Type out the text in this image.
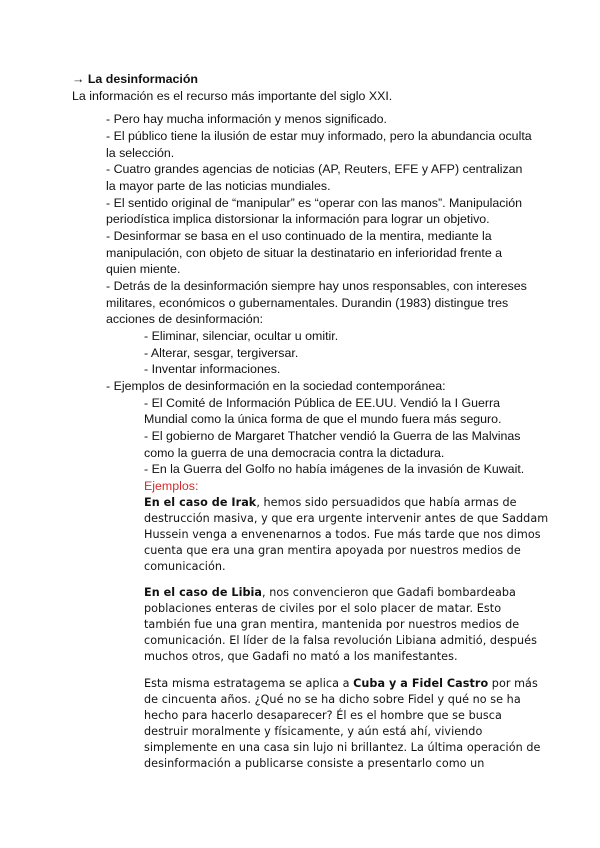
→ La desinformación
La información es el recurso más importante del siglo XXI.
- Pero hay mucha información y menos significado.
- El público tiene la ilusión de estar muy informado, pero la abundancia oculta
la selección.
- Cuatro grandes agencias de noticias (AP, Reuters, EFE y AFP) centralizan
la mayor parte de las noticias mundiales.
- El sentido original de “manipular” es “operar con las manos”. Manipulación
periodística implica distorsionar la información para lograr un objetivo.
- Desinformar se basa en el uso continuado de la mentira, mediante la
manipulación, con objeto de situar la destinatario en inferioridad frente a
quien miente.
- Detrás de la desinformación siempre hay unos responsables, con intereses
militares, económicos o gubernamentales. Durandin (1983) distingue tres
acciones de desinformación:
- Eliminar, silenciar, ocultar u omitir.
- Alterar, sesgar, tergiversar.
- Inventar informaciones.
- Ejemplos de desinformación en la sociedad contemporánea:
- El Comité de Información Pública de EE.UU. Vendió la I Guerra
Mundial como la única forma de que el mundo fuera más seguro.
- El gobierno de Margaret Thatcher vendió la Guerra de las Malvinas
como la guerra de una democracia contra la dictadura.
- En la Guerra del Golfo no había imágenes de la invasión de Kuwait.
Ejemplos:
En el caso de Irak, hemos sido persuadidos que había armas de
destrucción masiva, y que era urgente intervenir antes de que Saddam
Hussein venga a envenenarnos a todos. Fue más tarde que nos dimos
cuenta que era una gran mentira apoyada por nuestros medios de
comunicación.
En el caso de Libia, nos convencieron que Gadafi bombardeaba
poblaciones enteras de civiles por el solo placer de matar. Esto
también fue una gran mentira, mantenida por nuestros medios de
comunicación. El líder de la falsa revolución Libiana admitió, después
muchos otros, que Gadafi no mató a los manifestantes.
Esta misma estratagema se aplica a Cuba y a Fidel Castro por más
de cincuenta años. ¿Qué no se ha dicho sobre Fidel y qué no se ha
hecho para hacerlo desaparecer? Él es el hombre que se busca
destruir moralmente y físicamente, y aún está ahí, viviendo
simplemente en una casa sin lujo ni brillantez. La última operación de
desinformación a publicarse consiste a presentarlo como un
